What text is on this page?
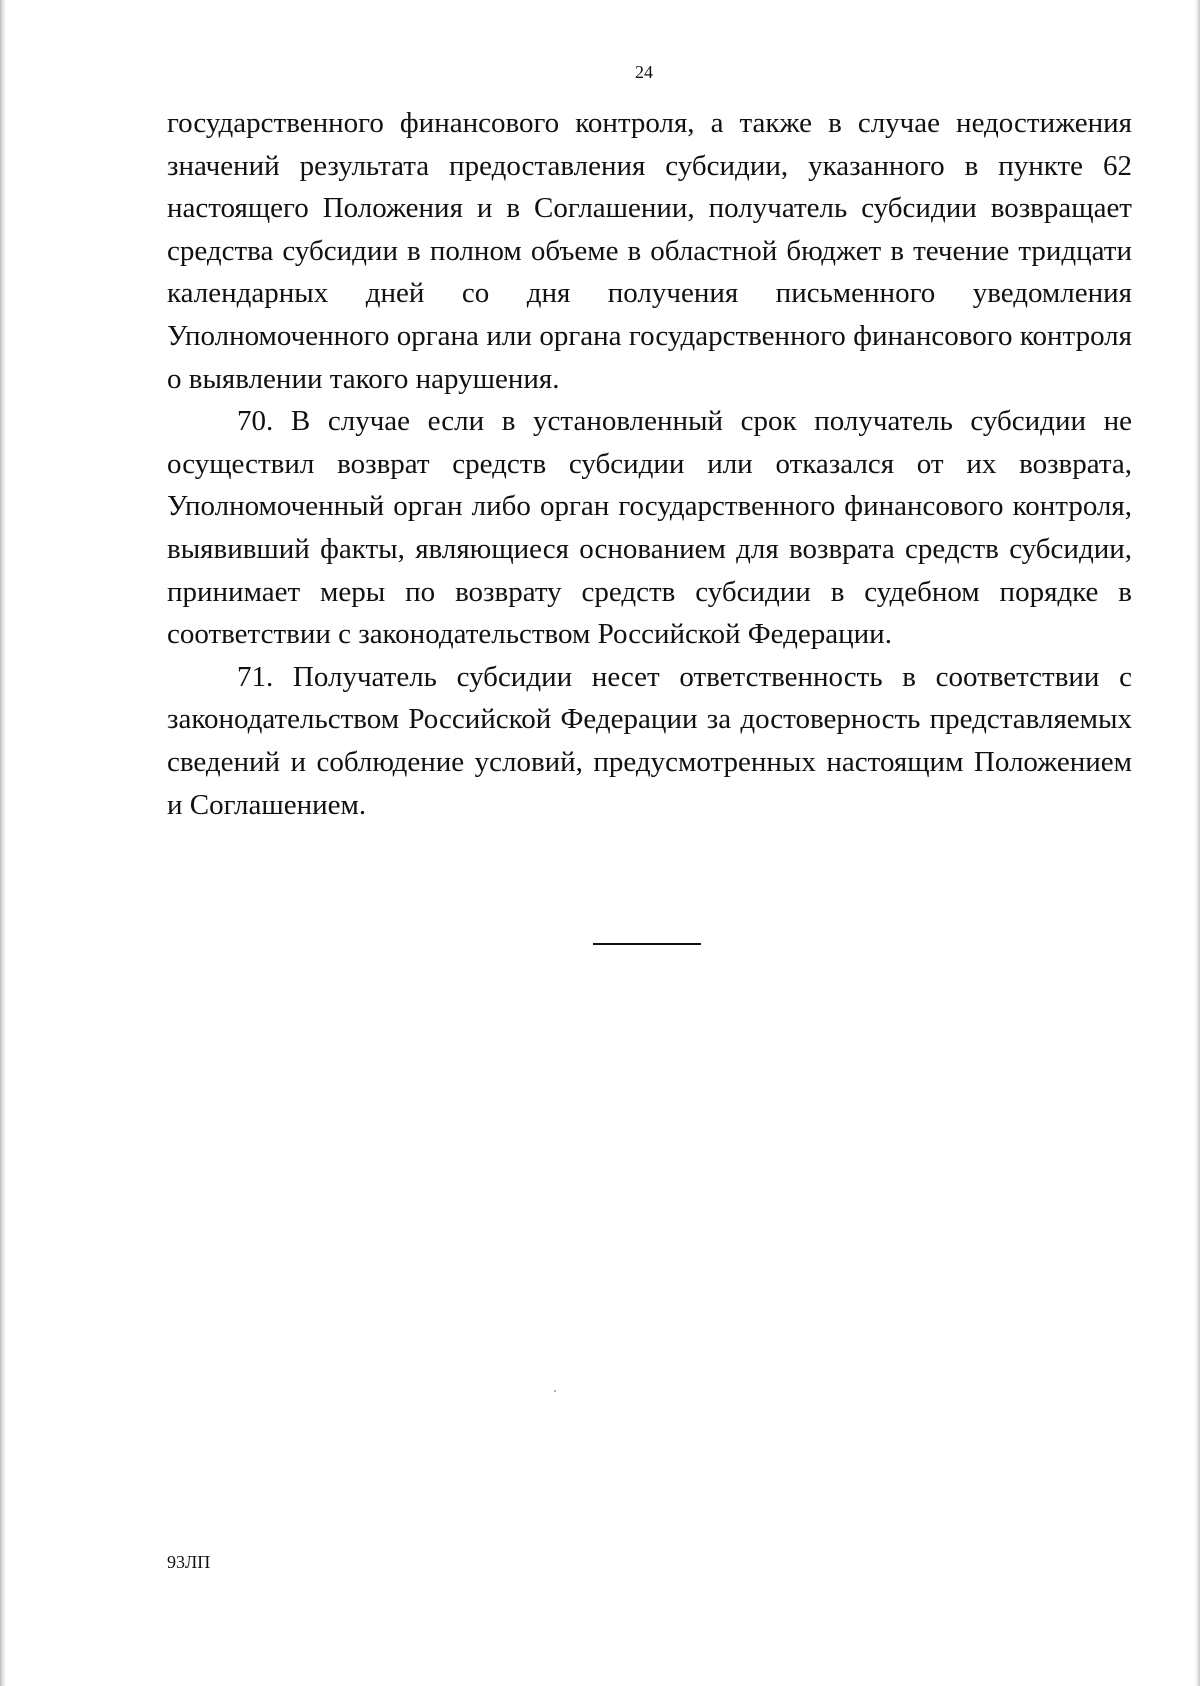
24

государственного финансового контроля, а также в случае недостижения значений результата предоставления субсидии, указанного в пункте 62 настоящего Положения и в Соглашении, получатель субсидии возвращает средства субсидии в полном объеме в областной бюджет в течение тридцати календарных дней со дня получения письменного уведомления Уполномоченного органа или органа государственного финансового контроля о выявлении такого нарушения.

70. В случае если в установленный срок получатель субсидии не осуществил возврат средств субсидии или отказался от их возврата, Уполномоченный орган либо орган государственного финансового контроля, выявивший факты, являющиеся основанием для возврата средств субсидии, принимает меры по возврату средств субсидии в судебном порядке в соответствии с законодательством Российской Федерации.

71. Получатель субсидии несет ответственность в соответствии с законодательством Российской Федерации за достоверность представляемых сведений и соблюдение условий, предусмотренных настоящим Положением и Соглашением.

93ЛП
